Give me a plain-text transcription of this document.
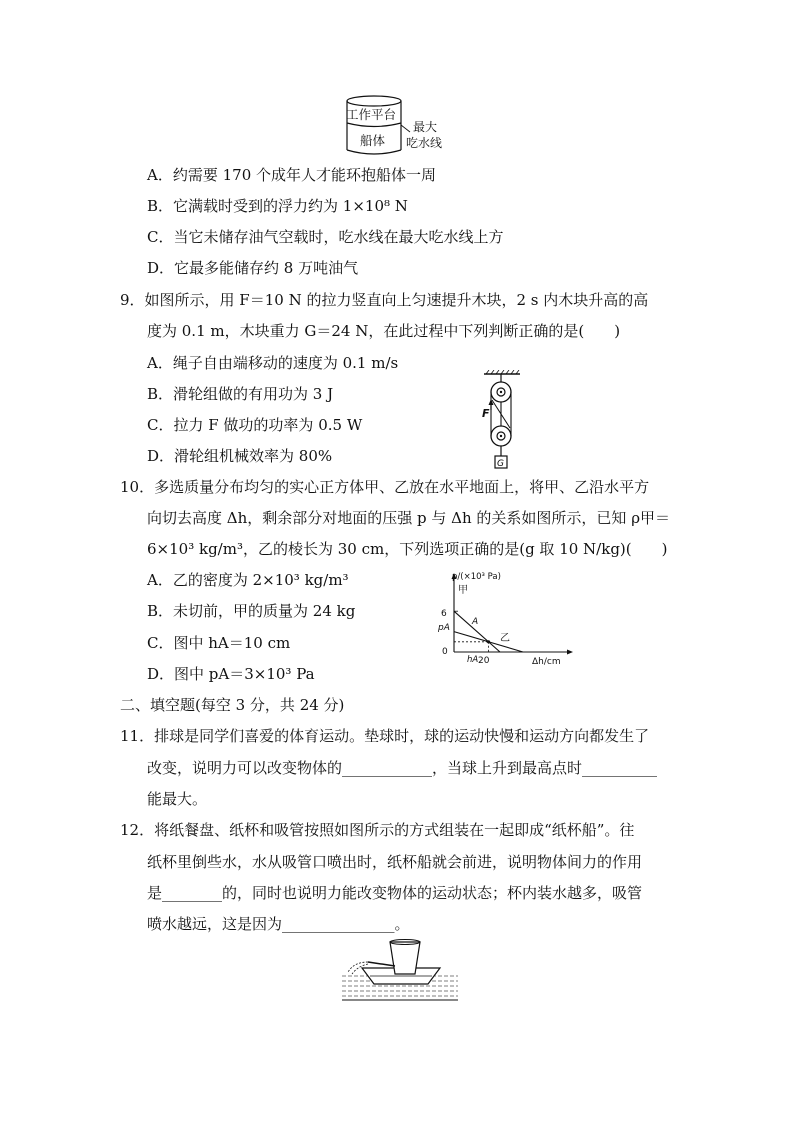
工作平台
船体
最大
吃水线
A．约需要 170 个成年人才能环抱船体一周
B．它满载时受到的浮力约为 1×10⁸ N
C．当它未储存油气空载时，吃水线在最大吃水线上方
D．它最多能储存约 8 万吨油气
9．如图所示，用 F＝10 N 的拉力竖直向上匀速提升木块，2 s 内木块升高的高
度为 0.1 m，木块重力 G＝24 N，在此过程中下列判断正确的是(　　)
A．绳子自由端移动的速度为 0.1 m/s
B．滑轮组做的有用功为 3 J
C．拉力 F 做功的功率为 0.5 W
D．滑轮组机械效率为 80%
F
G
10．多选质量分布均匀的实心正方体甲、乙放在水平地面上，将甲、乙沿水平方
向切去高度 Δh，剩余部分对地面的压强 p 与 Δh 的关系如图所示，已知 ρ甲＝
6×10³ kg/m³，乙的棱长为 30 cm，下列选项正确的是(g 取 10 N/kg)(　　)
A．乙的密度为 2×10³ kg/m³
B．未切前，甲的质量为 24 kg
C．图中 hA＝10 cm
D．图中 pA＝3×10³ Pa
p/(×10³ Pa)
Δh/cm
6
pA
0
hA 20
A
甲
乙
二、填空题(每空 3 分，共 24 分)
11．排球是同学们喜爱的体育运动。垫球时，球的运动快慢和运动方向都发生了
改变，说明力可以改变物体的____________，当球上升到最高点时__________
能最大。
12．将纸餐盘、纸杯和吸管按照如图所示的方式组装在一起即成“纸杯船”。往
纸杯里倒些水，水从吸管口喷出时，纸杯船就会前进，说明物体间力的作用
是________的，同时也说明力能改变物体的运动状态；杯内装水越多，吸管
喷水越远，这是因为_______________。
